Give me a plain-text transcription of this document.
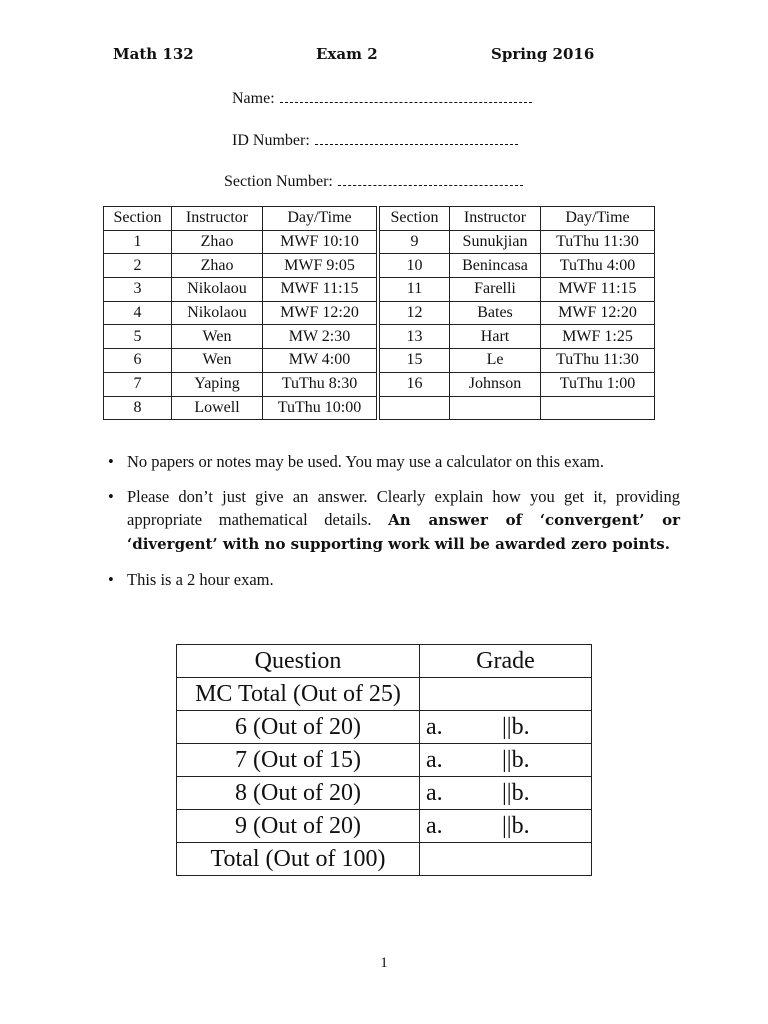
Math 132	Exam 2	Spring 2016
Name:
ID Number:
Section Number:
Section	Instructor	Day/Time	Section	Instructor	Day/Time
1	Zhao	MWF 10:10	9	Sunukjian	TuThu 11:30
2	Zhao	MWF 9:05	10	Benincasa	TuThu 4:00
3	Nikolaou	MWF 11:15	11	Farelli	MWF 11:15
4	Nikolaou	MWF 12:20	12	Bates	MWF 12:20
5	Wen	MW 2:30	13	Hart	MWF 1:25
6	Wen	MW 4:00	15	Le	TuThu 11:30
7	Yaping	TuThu 8:30	16	Johnson	TuThu 1:00
8	Lowell	TuThu 10:00			
• No papers or notes may be used. You may use a calculator on this exam.
• Please don’t just give an answer. Clearly explain how you get it, providing appropriate mathematical details. An answer of ‘convergent’ or ‘divergent’ with no supporting work will be awarded zero points.
• This is a 2 hour exam.
Question	Grade
MC Total (Out of 25)	
6 (Out of 20)	a. ||b.
7 (Out of 15)	a. ||b.
8 (Out of 20)	a. ||b.
9 (Out of 20)	a. ||b.
Total (Out of 100)	
1
